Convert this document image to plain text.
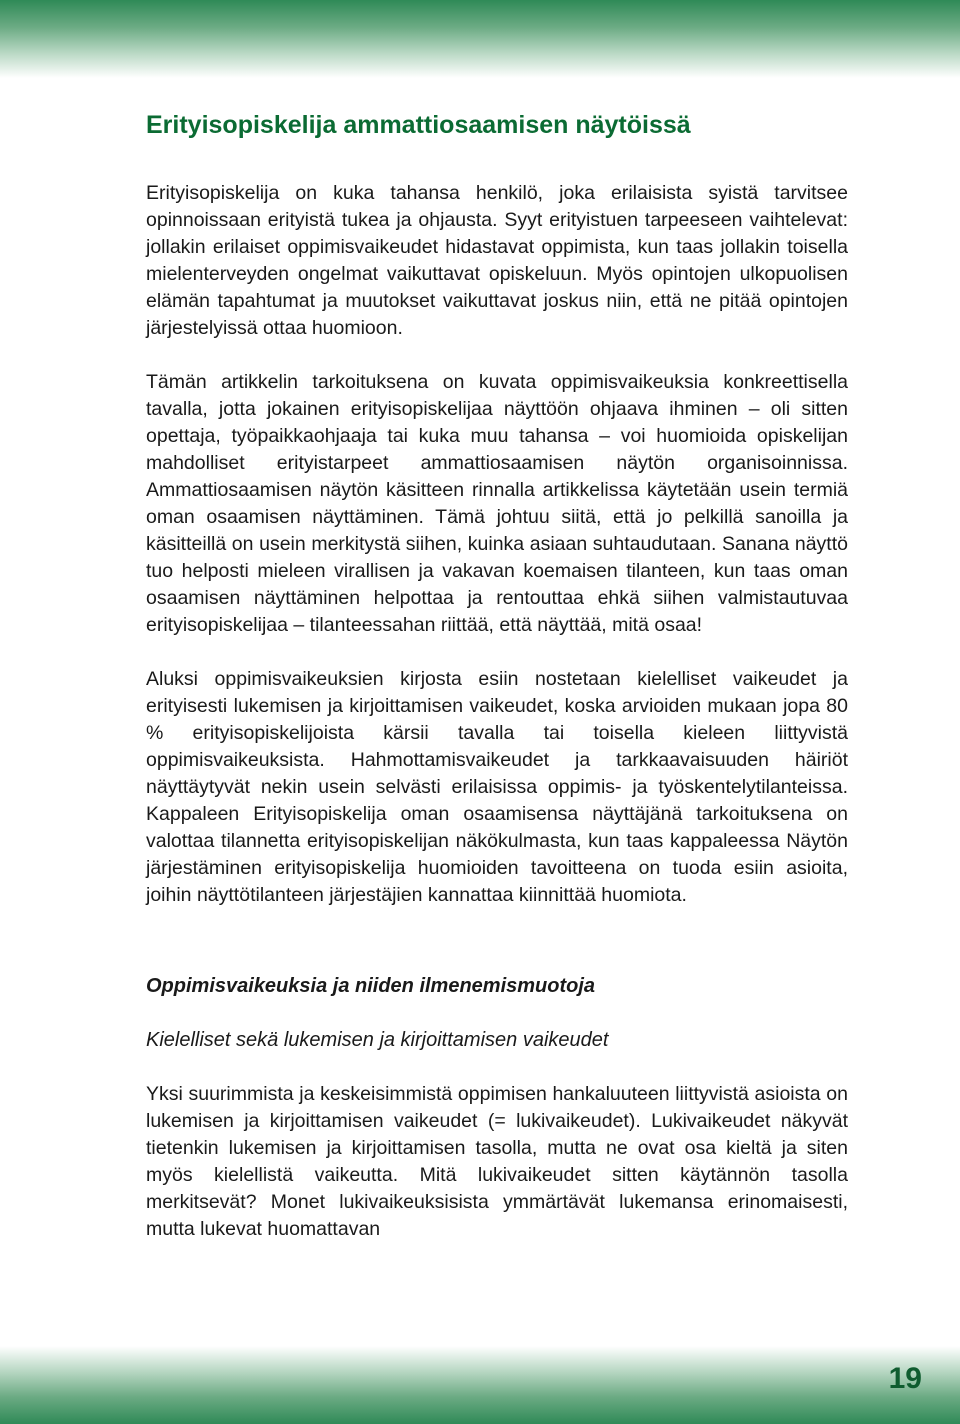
Erityisopiskelija ammattiosaamisen näytöissä

Erityisopiskelija on kuka tahansa henkilö, joka erilaisista syistä tarvitsee opinnoissaan erityistä tukea ja ohjausta. Syyt erityistuen tarpeeseen vaihtelevat: jollakin erilaiset oppimisvaikeudet hidastavat oppimista, kun taas jollakin toisella mielenterveyden ongelmat vaikuttavat opiskeluun. Myös opintojen ulkopuolisen elämän tapahtumat ja muutokset vaikuttavat joskus niin, että ne pitää opintojen järjestelyissä ottaa huomioon.

Tämän artikkelin tarkoituksena on kuvata oppimisvaikeuksia konkreettisella tavalla, jotta jokainen erityisopiskelijaa näyttöön ohjaava ihminen – oli sitten opettaja, työpaikkaohjaaja tai kuka muu tahansa – voi huomioida opiskelijan mahdolliset erityistarpeet ammattiosaamisen näytön organisoinnissa. Ammattiosaamisen näytön käsitteen rinnalla artikkelissa käytetään usein termiä oman osaamisen näyttäminen. Tämä johtuu siitä, että jo pelkillä sanoilla ja käsitteillä on usein merkitystä siihen, kuinka asiaan suhtaudutaan. Sanana näyttö tuo helposti mieleen virallisen ja vakavan koemaisen tilanteen, kun taas oman osaamisen näyttäminen helpottaa ja rentouttaa ehkä siihen valmistautuvaa erityisopiskelijaa – tilanteessahan riittää, että näyttää, mitä osaa!

Aluksi oppimisvaikeuksien kirjosta esiin nostetaan kielelliset vaikeudet ja erityisesti lukemisen ja kirjoittamisen vaikeudet, koska arvioiden mukaan jopa 80 % erityisopiskelijoista kärsii tavalla tai toisella kieleen liittyvistä oppimisvaikeuksista. Hahmottamisvaikeudet ja tarkkaavaisuuden häiriöt näyttäytyvät nekin usein selvästi erilaisissa oppimis- ja työskentelytilanteissa. Kappaleen Erityisopiskelija oman osaamisensa näyttäjänä tarkoituksena on valottaa tilannetta erityisopiskelijan näkökulmasta, kun taas kappaleessa Näytön järjestäminen erityisopiskelija huomioiden tavoitteena on tuoda esiin asioita, joihin näyttötilanteen järjestäjien kannattaa kiinnittää huomiota.

Oppimisvaikeuksia ja niiden ilmenemismuotoja
Kielelliset sekä lukemisen ja kirjoittamisen vaikeudet

Yksi suurimmista ja keskeisimmistä oppimisen hankaluuteen liittyvistä asioista on lukemisen ja kirjoittamisen vaikeudet (= lukivaikeudet). Lukivaikeudet näkyvät tietenkin lukemisen ja kirjoittamisen tasolla, mutta ne ovat osa kieltä ja siten myös kielellistä vaikeutta. Mitä lukivaikeudet sitten käytännön tasolla merkitsevät? Monet lukivaikeuksisista ymmärtävät lukemansa erinomaisesti, mutta lukevat huomattavan

19
